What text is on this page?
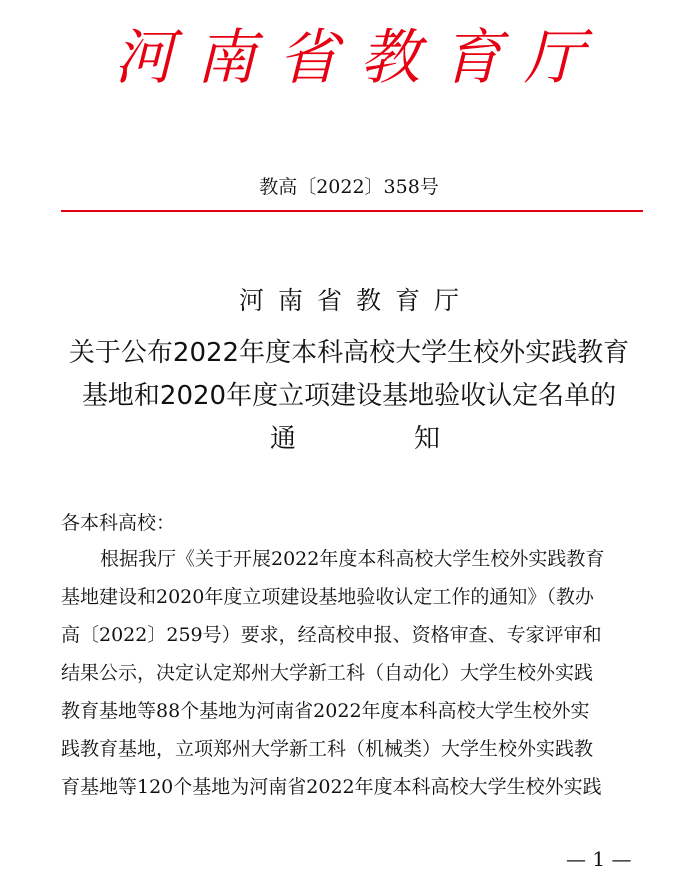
河南省教育厅
教高〔2022〕358号
河南省教育厅
关于公布2022年度本科高校大学生校外实践教育
基地和2020年度立项建设基地验收认定名单的
通	知
各本科高校：
根据我厅《关于开展2022年度本科高校大学生校外实践教育
基地建设和2020年度立项建设基地验收认定工作的通知》（教办
高〔2022〕259号）要求，经高校申报、资格审查、专家评审和
结果公示，决定认定郑州大学新工科（自动化）大学生校外实践
教育基地等88个基地为河南省2022年度本科高校大学生校外实
践教育基地，立项郑州大学新工科（机械类）大学生校外实践教
育基地等120个基地为河南省2022年度本科高校大学生校外实践
— 1 —
